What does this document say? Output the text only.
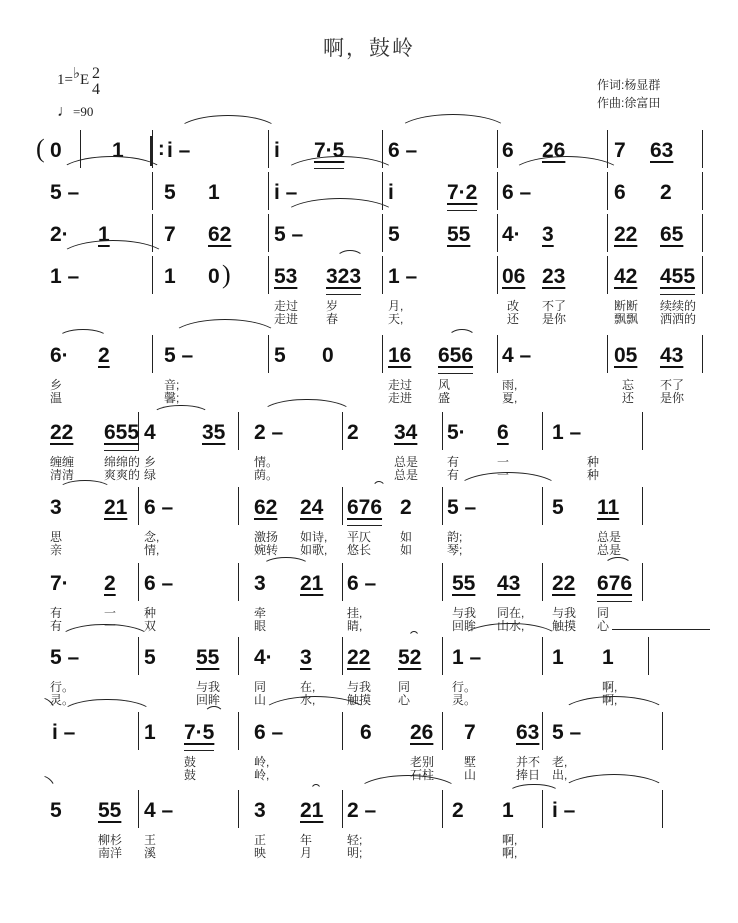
啊，鼓岭
1=♭E 2
4
♩=90
作词:杨显群
作曲:徐富田
( : 0 1 i –	i 7·5 6 –	6 26 7 63
5 –	5 1	i –	i	7·2 6 –	6 2
2· 1	7 62 5 –	5 55 4· 3	22 65
)
1 –	1 0	53 323 1 –	06 23 42 455
走过
走进
岁
春
月,
天,
改
还
不了
是你
断断
飘飘
续续的
洒洒的
6· 2	5 –	5 0	16 656 4 –	05 43
乡
温
音;
馨;
走过
走进
风
盛
雨,
夏,
忘
还
不了
是你
22 655 4 35 2 –	2 34 5· 6 1 –
缠缠
清清
绵绵的
爽爽的
乡
绿
情。
荫。
总是
总是
有
有
一
一
种
种
3 21 6 –	62 24 676 2 5 –	5 11
思
亲
念,
情,
激扬
婉转
如诗,
如歌,
平仄
悠长
如
如
韵;
琴;
总是
总是
7· 2 6 –	3 21 6 –	55 43 22 676
有
有
一
一
种
双
牵
眼
挂,
睛,
与我
回眸
同在,
山水,
与我
触摸
同
心
5 –	5 55 4· 3 22 52 1 –	1 1
行。
灵。
与我
回眸
同
山
在,
水,
与我
触摸
同
心
行。
灵。
啊,
啊,
i –	1 7·5 6 –	6 26 7 63 5 –
鼓
鼓
岭,
岭,
老别
石柱
墅
山
并不
捧日
老,
出,
5 55 4 –	3 21 2 –	2 1 i –
柳杉
南洋
王
溪
正
映
年
月
轻;
明;
啊,
啊,
